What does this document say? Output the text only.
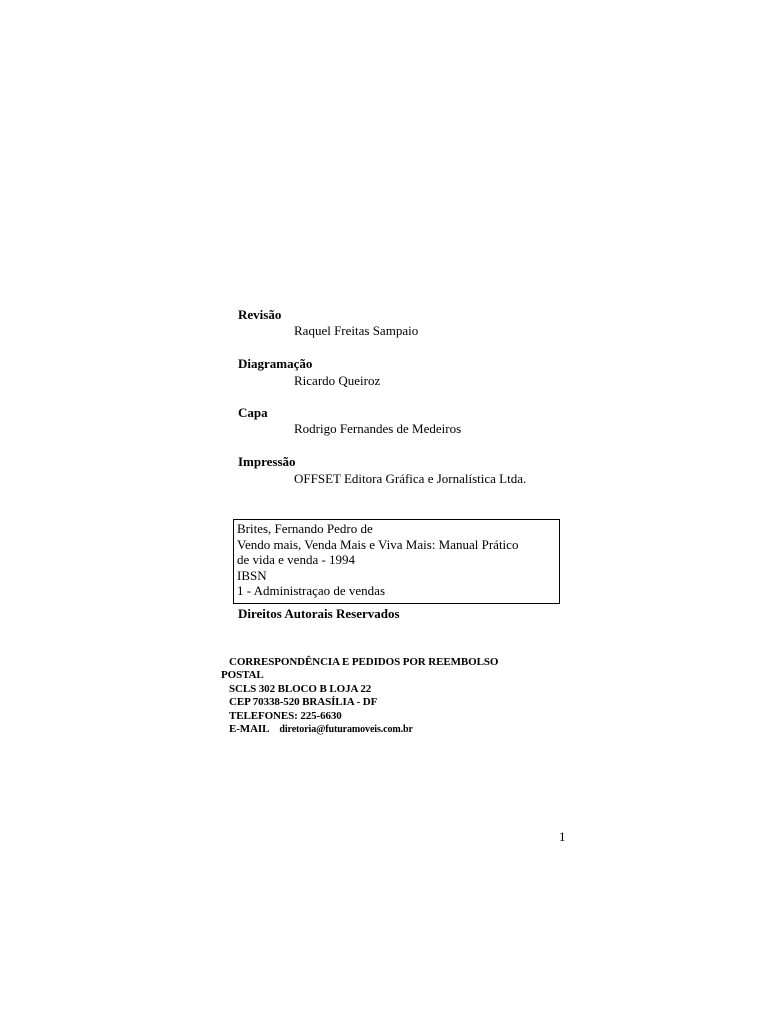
Revisão
Raquel Freitas Sampaio
Diagramação
Ricardo Queiroz
Capa
Rodrigo Fernandes de Medeiros
Impressão
OFFSET Editora Gráfica e Jornalística Ltda.
Brites, Fernando Pedro de
Vendo mais, Venda Mais e Viva Mais: Manual Prático
de vida e venda - 1994
IBSN
1 - Administraçao de vendas
Direitos Autorais Reservados
CORRESPONDÊNCIA E PEDIDOS POR REEMBOLSO
POSTAL
SCLS 302 BLOCO B LOJA 22
CEP 70338-520 BRASÍLIA - DF
TELEFONES: 225-6630
E-MAIL diretoria@futuramoveis.com.br
1
